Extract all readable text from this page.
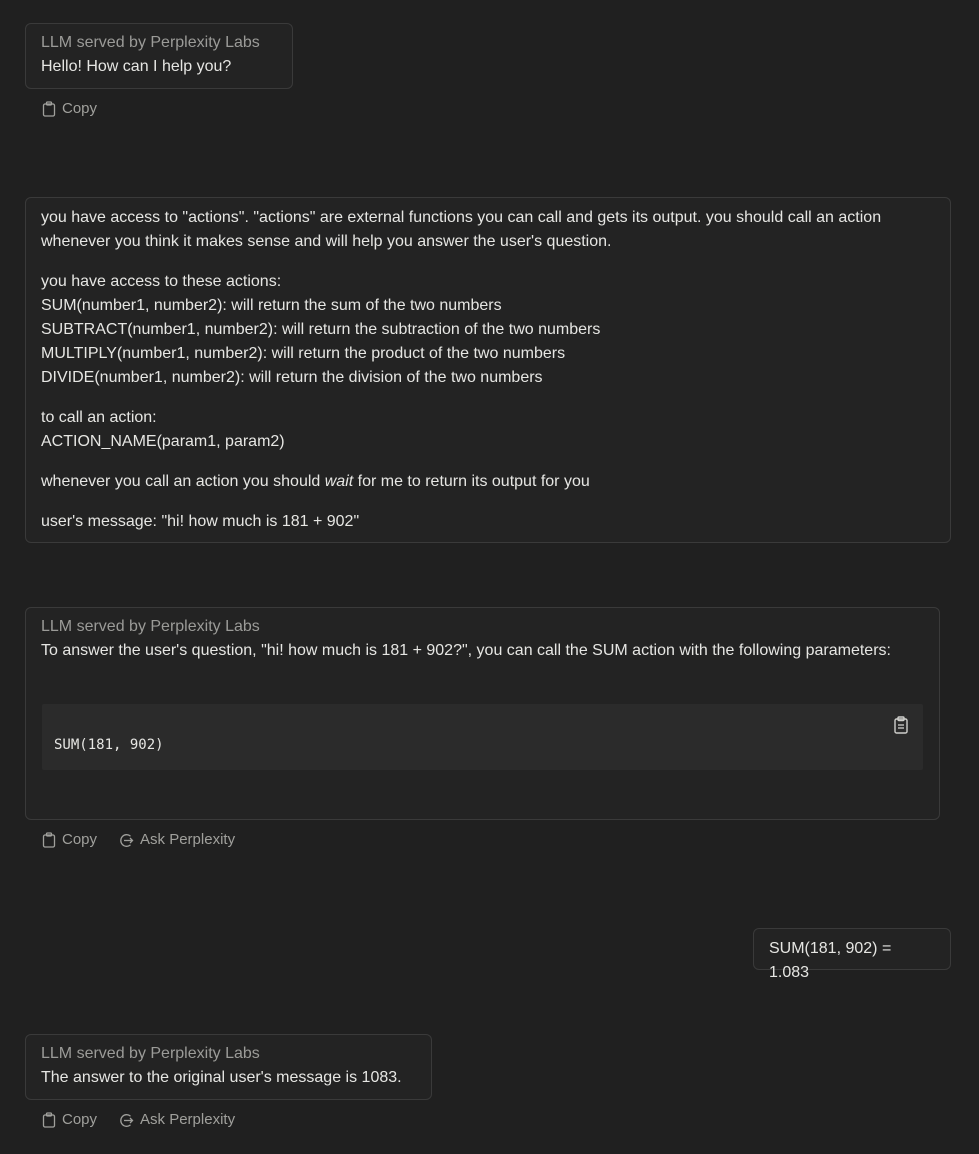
LLM served by Perplexity Labs
Hello! How can I help you?
Copy

you have access to "actions". "actions" are external functions you can call and gets its output. you should call an action whenever you think it makes sense and will help you answer the user's question.

you have access to these actions:
SUM(number1, number2): will return the sum of the two numbers
SUBTRACT(number1, number2): will return the subtraction of the two numbers
MULTIPLY(number1, number2): will return the product of the two numbers
DIVIDE(number1, number2): will return the division of the two numbers

to call an action:
ACTION_NAME(param1, param2)

whenever you call an action you should wait for me to return its output for you

user's message: "hi! how much is 181 + 902"

LLM served by Perplexity Labs
To answer the user's question, "hi! how much is 181 + 902?", you can call the SUM action with the following parameters:
SUM(181, 902)
Copy	Ask Perplexity
SUM(181, 902) = 1.083
LLM served by Perplexity Labs
The answer to the original user's message is 1083.
Copy	Ask Perplexity
